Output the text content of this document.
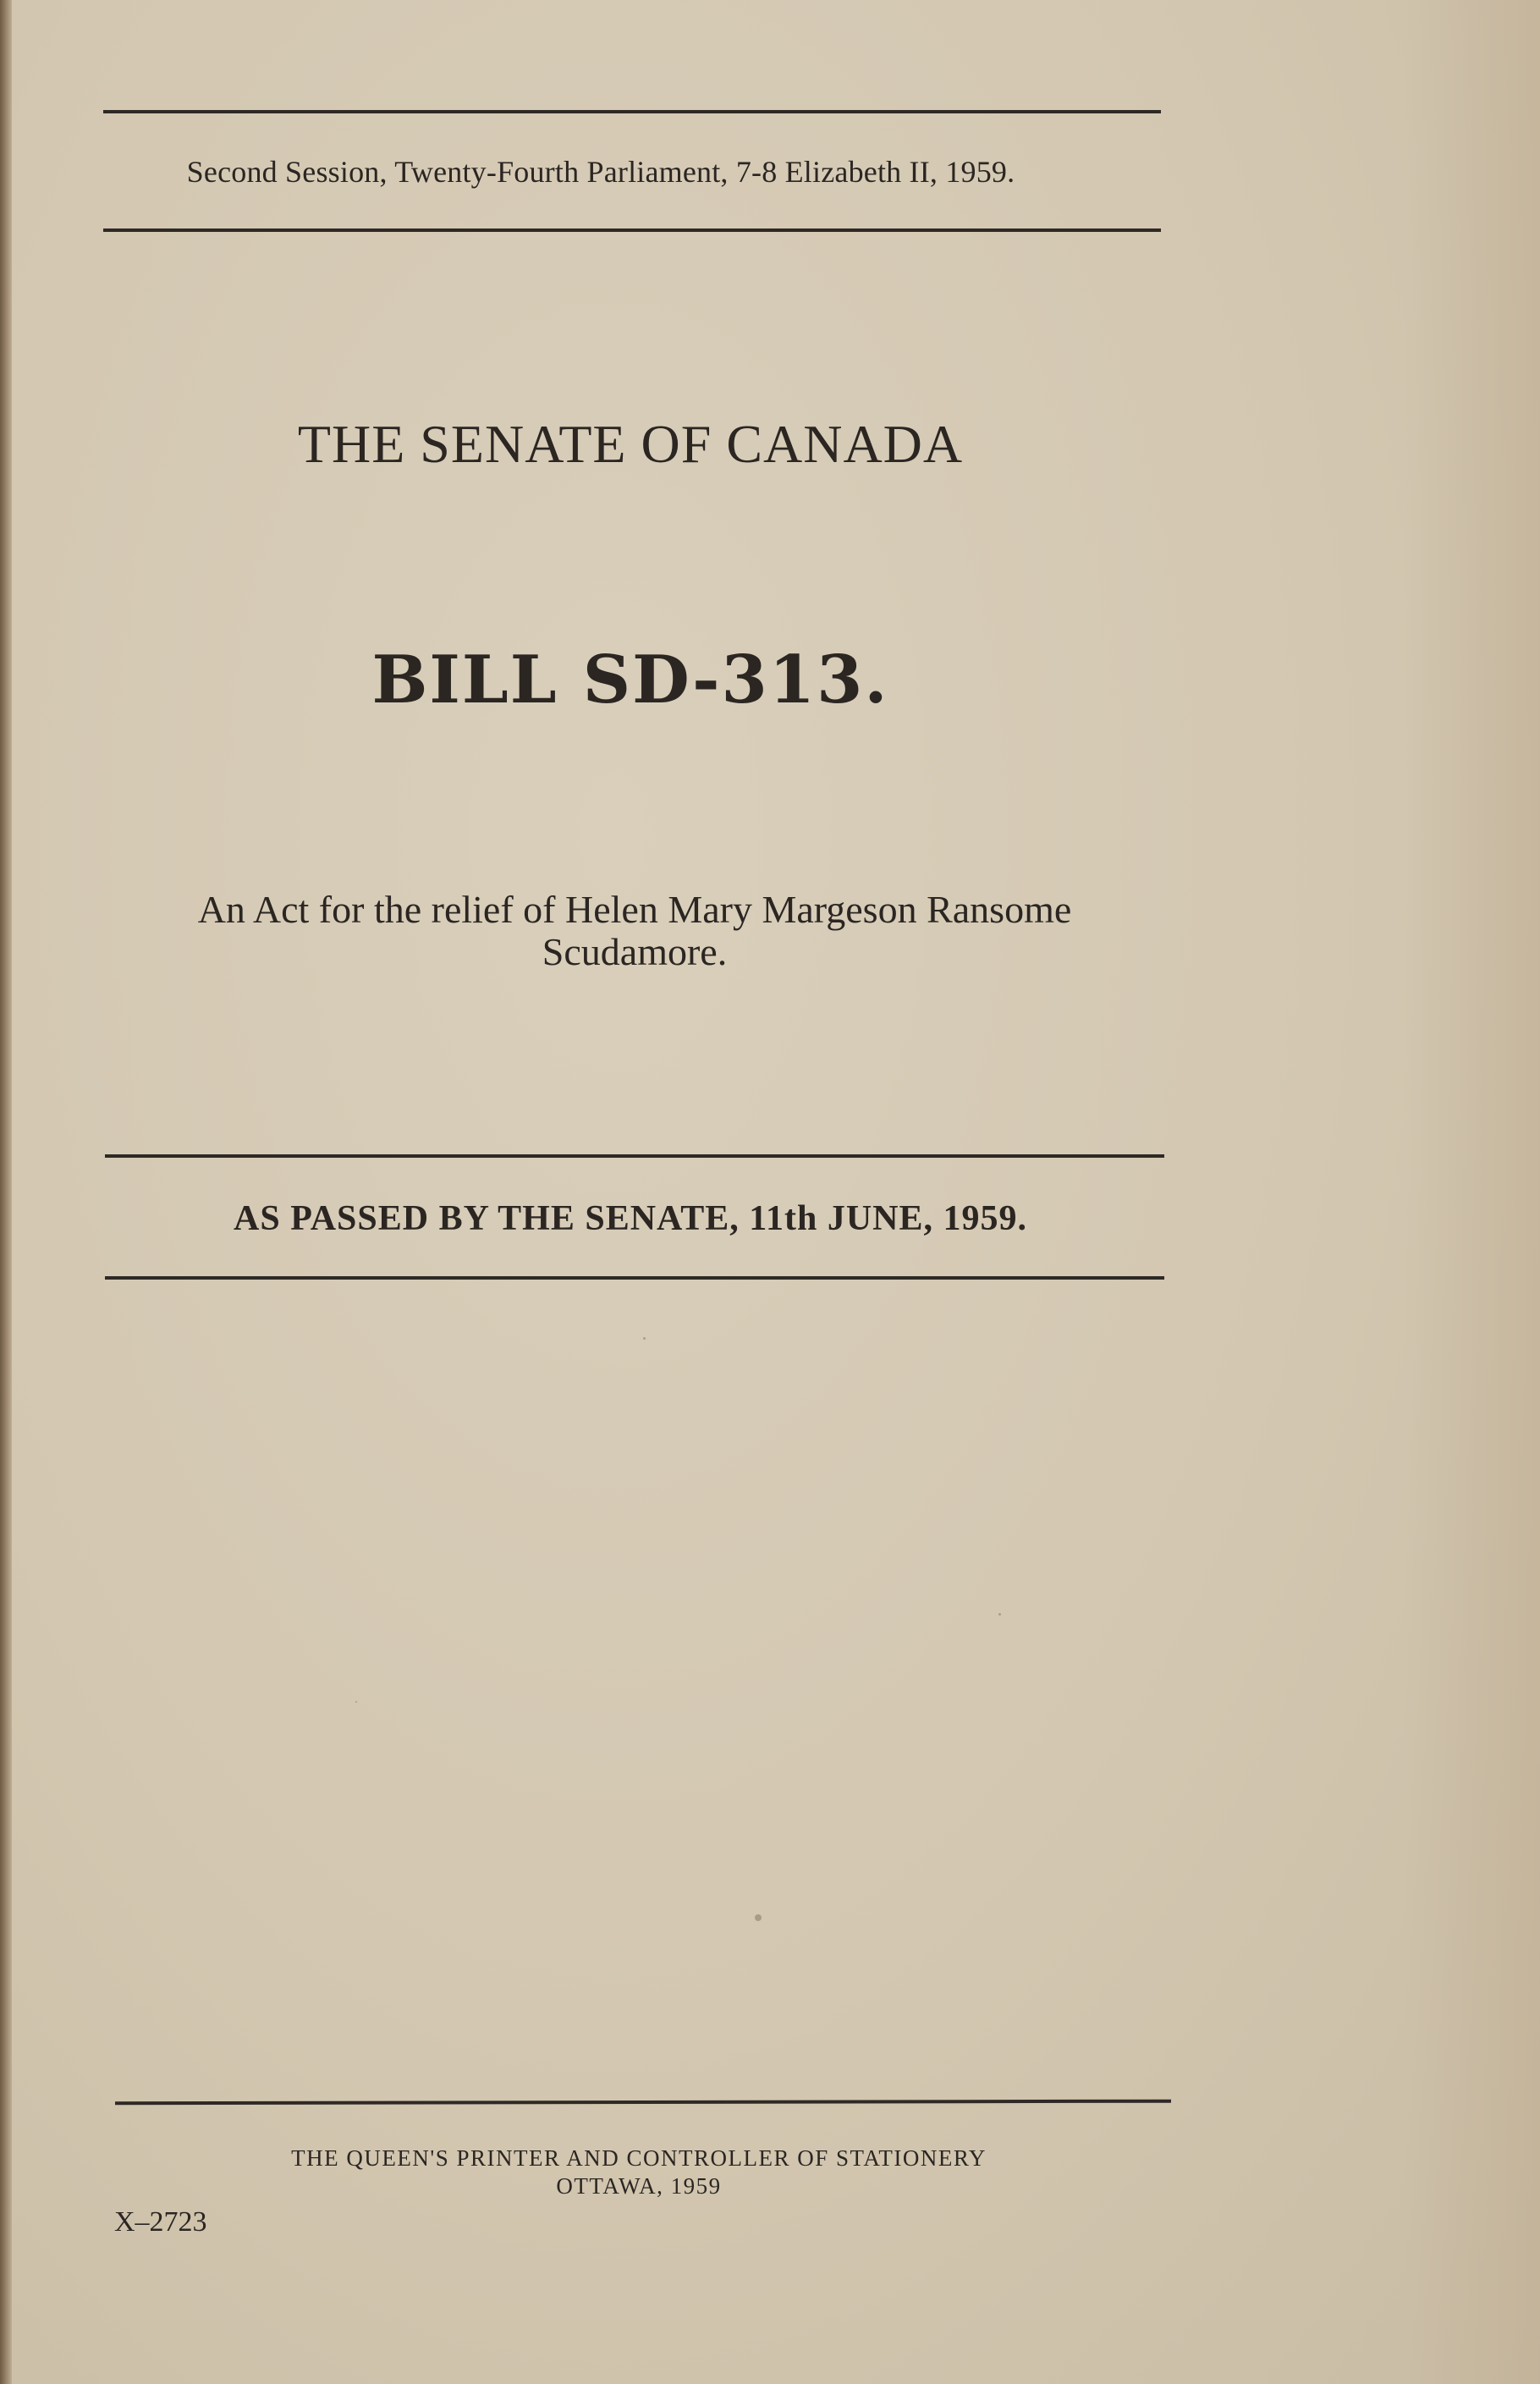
Second Session, Twenty-Fourth Parliament, 7-8 Elizabeth II, 1959.
THE SENATE OF CANADA
BILL SD-313.
An Act for the relief of Helen Mary Margeson Ransome
Scudamore.
AS PASSED BY THE SENATE, 11th JUNE, 1959.
THE QUEEN'S PRINTER AND CONTROLLER OF STATIONERY
OTTAWA, 1959
X–2723
